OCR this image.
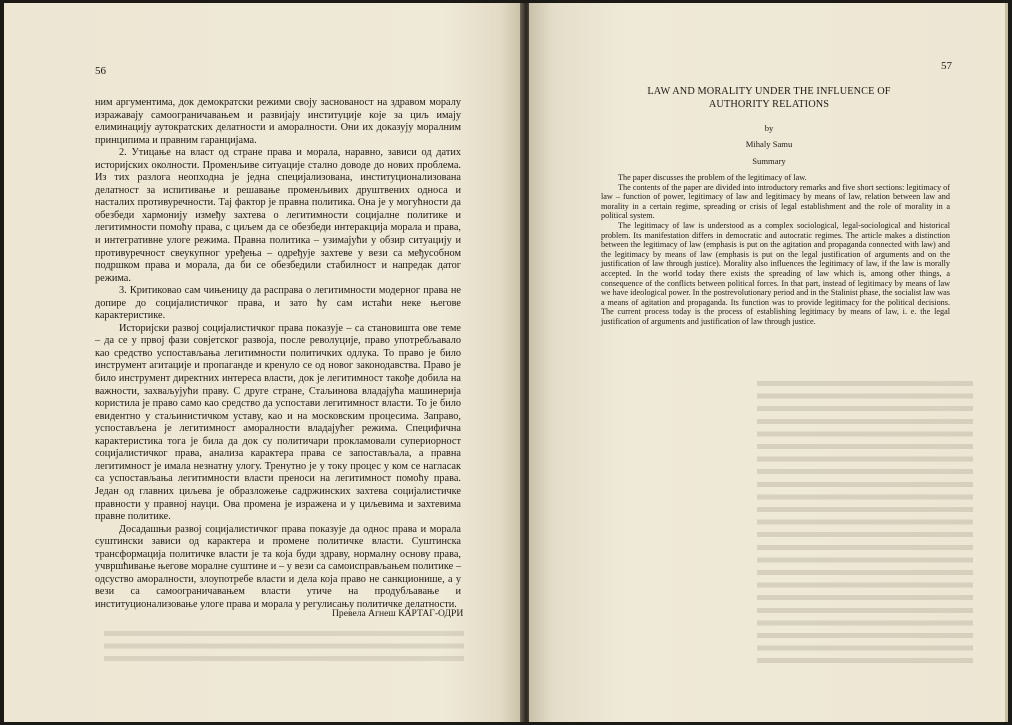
56

ним аргументима, док демократски режими своју заснованост на здравом моралу изражавају самоограничавањем и развијају институције које за циљ имају елиминацију аутократских делатности и аморалности. Они их доказују моралним принципима и правним гаранцијама.

2. Утицање на власт од стране права и морала, наравно, зависи од датих историјских околности. Променљиве ситуације стално доводе до нових проблема. Из тих разлога неопходна је једна специјализована, институционализована делатност за испитивање и решавање променљивих друштвених односа и насталих противуречности. Тај фактор је правна политика. Она је у могућности да обезбеди хармонију између захтева о легитимности социјалне политике и легитимности помоћу права, с циљем да се обезбеди интеракција морала и права, и интегративне улоге режима. Правна политика – узимајући у обзир ситуацију и противуречност свеукупног уређења – одређује захтеве у вези са међусобном подршком права и морала, да би се обезбедили стабилност и напредак датог режима.

3. Критиковао сам чињеницу да расправа о легитимности модерног права не допире до социјалистичког права, и зато ћу сам истаћи неке његове карактеристике.

Историјски развој социјалистичког права показује – са становишта ове теме – да се у првој фази совјетског развоја, после револуције, право употребљавало као средство успостављања легитимности политичких одлука. То право је било инструмент агитације и пропаганде и кренуло се од новог законодавства. Право је било инструмент директних интереса власти, док је легитимност такође добила на важности, захваљујући праву. С друге стране, Стаљинова владајућа машинерија користила је право само као средство да успостави легитимност власти. То је било евидентно у стаљинистичком уставу, као и на московским процесима. Заправо, успостављена је легитимност аморалности владајућег режима. Специфична карактеристика тога је била да док су политичари прокламовали супериорност социјалистичког права, анализа карактера права се запостављала, а правна легитимност је имала незнатну улогу. Тренутно је у току процес у ком се нагласак са успостављања легитимности власти преноси на легитимност помоћу права. Један од главних циљева је образложење садржинских захтева социјалистичке правности у правној науци. Ова промена је изражена и у циљевима и захтевима правне политике.

Досадашњи развој социјалистичког права показује да однос права и морала суштински зависи од карактера и промене политичке власти. Суштинска трансформација политичке власти је та која буди здраву, нормалну основу права, учвршћивање његове моралне суштине и – у вези са самоисправљањем политике – одсуство аморалности, злоупотребе власти и дела која право не санкционише, а у вези са самоограничавањем власти утиче на продубљавање и институционализовање улоге права и морала у регулисању политичке делатности.

Превела Агнеш КАРТАГ-ОДРИ
57
LAW AND MORALITY UNDER THE INFLUENCE OF AUTHORITY RELATIONS
by
Mihaly Samu
Summary

The paper discusses the problem of the legitimacy of law.

The contents of the paper are divided into introductory remarks and five short sections: legitimacy of law – function of power, legitimacy of law and legitimacy by means of law, relation between law and morality in a certain regime, spreading or crisis of legal establishment and the role of morality in a political system.

The legitimacy of law is understood as a complex sociological, legal-sociological and historical problem. Its manifestation differs in democratic and autocratic regimes. The article makes a distinction between the legitimacy of law (emphasis is put on the agitation and propaganda connected with law) and the legitimacy by means of law (emphasis is put on the legal justification of arguments and on the justification of law through justice). Morality also influences the legitimacy of law, if the law is morally accepted. In the world today there exists the spreading of law which is, among other things, a consequence of the conflicts between political forces. In that part, instead of legitimacy by means of law we have ideological power. In the postrevolutionary period and in the Stalinist phase, the socialist law was a means of agitation and propaganda. Its function was to provide legitimacy for the political decisions. The current process today is the process of establishing legitimacy by means of law, i. e. the legal justification of arguments and justification of law through justice.
